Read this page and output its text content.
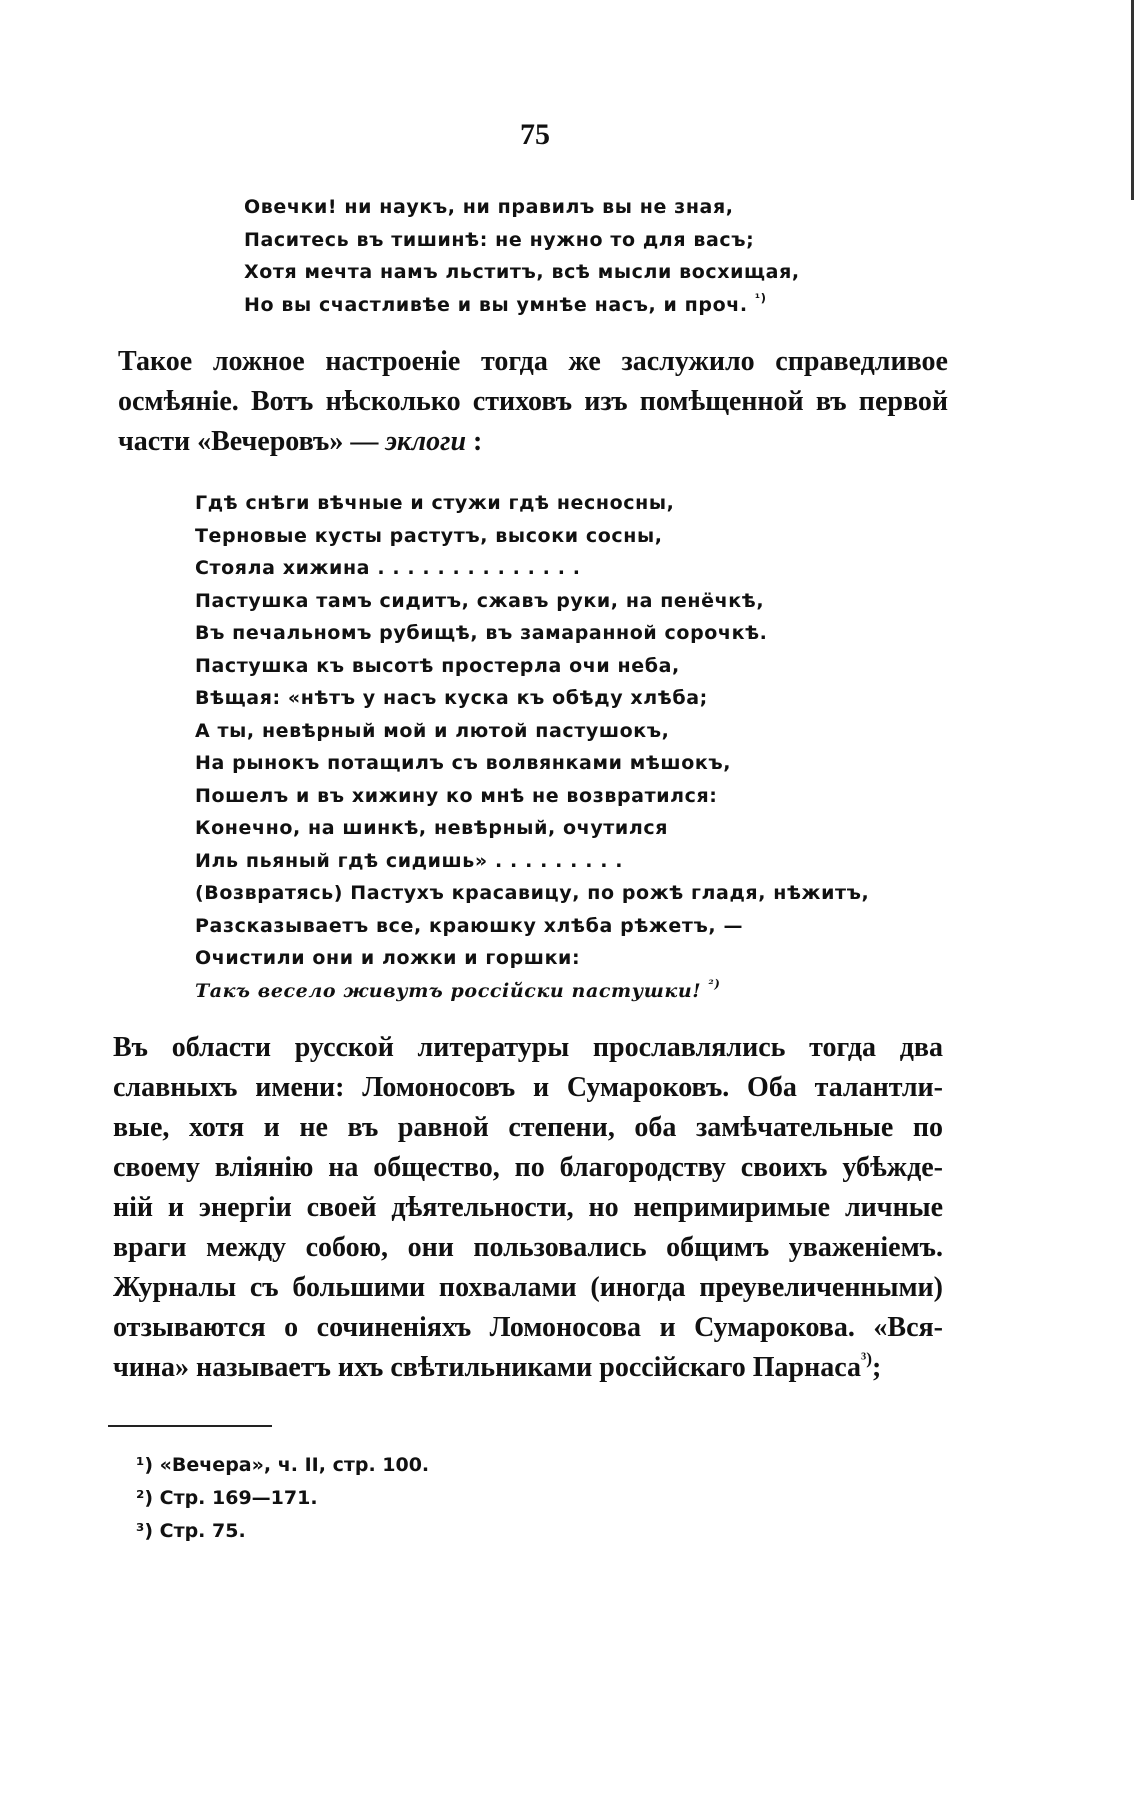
75
Овечки! ни наукъ, ни правилъ вы не зная,
Паситесь въ тишинѣ: не нужно то для васъ;
Хотя мечта намъ льститъ, всѣ мысли восхищая,
Но вы счастливѣе и вы умнѣе насъ, и проч. $^{^1)}$
Такое ложное настроеніе тогда же заслужило справедливое
осмѣяніе. Вотъ нѣсколько стиховъ изъ помѣщенной въ первой
части «Вечеровъ» — эклоги :
Гдѣ снѣги вѣчные и стужи гдѣ несносны,
Терновые кусты растутъ, высоки сосны,
Стояла хижина . . . . . . . . . . . . . .
Пастушка тамъ сидитъ, сжавъ руки, на пенёчкѣ,
Въ печальномъ рубищѣ, въ замаранной сорочкѣ.
Пастушка къ высотѣ простерла очи неба,
Вѣщая: «нѣтъ у насъ куска къ обѣду хлѣба;
А ты, невѣрный мой и лютой пастушокъ,
На рынокъ потащилъ съ волвянками мѣшокъ,
Пошелъ и въ хижину ко мнѣ не возвратился:
Конечно, на шинкѣ, невѣрный, очутился
Иль пьяный гдѣ сидишь» . . . . . . . . .
(Возвратясь) Пастухъ красавицу, по рожѣ гладя, нѣжитъ,
Разсказываетъ все, краюшку хлѣба рѣжетъ, —
Очистили они и ложки и горшки:
Такъ весело живутъ россійски пастушки! $^{^2)}$
Въ области русской литературы прославлялись тогда два
славныхъ имени: Ломоносовъ и Сумароковъ. Оба талантли-
вые, хотя и не въ равной степени, оба замѣчательные по
своему вліянію на общество, по благородству своихъ убѣжде-
ній и энергіи своей дѣятельности, но непримиримые личные
враги между собою, они пользовались общимъ уваженіемъ.
Журналы съ большими похвалами (иногда преувеличенными)
отзываются о сочиненіяхъ Ломоносова и Сумарокова. «Вся-
чина» называетъ ихъ свѣтильниками россійскаго Парнаса$^{^3)}$;
¹) «Вечера», ч. II, стр. 100.
²) Стр. 169—171.
³) Стр. 75.
